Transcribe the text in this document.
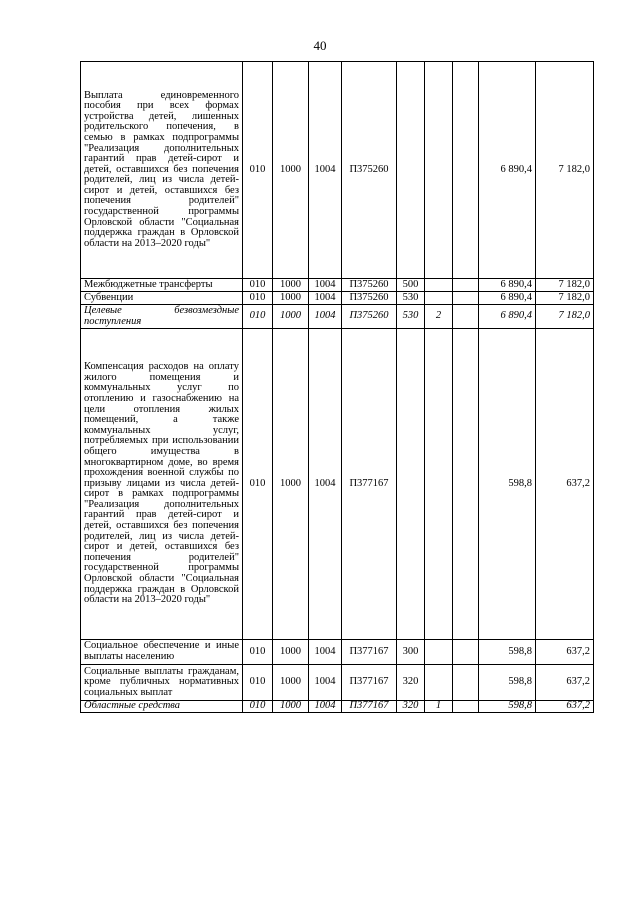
40
Выплата единовременного пособия при всех формах устройства детей, лишенных родительского попечения, в семью в рамках подпрограммы "Реализация дополнительных гарантий прав детей-сирот и детей, оставшихся без попечения родителей, лиц из числа детей-сирот и детей, оставшихся без попечения родителей" государственной программы Орловской области "Социальная поддержка граждан в Орловской области на 2013–2020 годы"	010	1000	1004	П375260				6 890,4	7 182,0
Межбюджетные трансферты	010	1000	1004	П375260	500			6 890,4	7 182,0
Субвенции	010	1000	1004	П375260	530			6 890,4	7 182,0
Целевые безвозмездные поступления	010	1000	1004	П375260	530	2		6 890,4	7 182,0
Компенсация расходов на оплату жилого помещения и коммунальных услуг по отоплению и газоснабжению на цели отопления жилых помещений, а также коммунальных услуг, потребляемых при использовании общего имущества в многоквартирном доме, во время прохождения военной службы по призыву лицами из числа детей-сирот в рамках подпрограммы "Реализация дополнительных гарантий прав детей-сирот и детей, оставшихся без попечения родителей, лиц из числа детей-сирот и детей, оставшихся без попечения родителей" государственной программы Орловской области "Социальная поддержка граждан в Орловской области на 2013–2020 годы"	010	1000	1004	П377167				598,8	637,2
Социальное обеспечение и иные выплаты населению	010	1000	1004	П377167	300			598,8	637,2
Социальные выплаты гражданам, кроме публичных нормативных социальных выплат	010	1000	1004	П377167	320			598,8	637,2
Областные средства	010	1000	1004	П377167	320	1		598,8	637,2
